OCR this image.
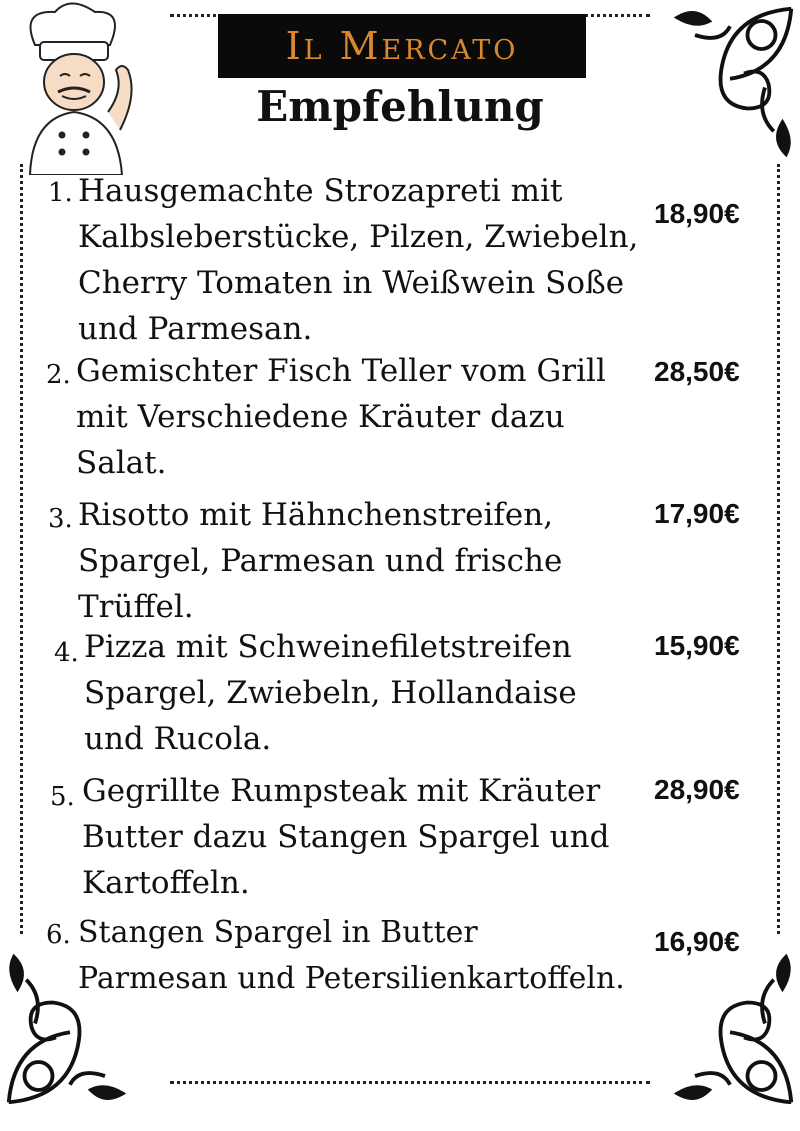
Il Mercato
Empfehlung
1. Hausgemachte Strozapreti mit
Kalbsleberstücke, Pilzen, Zwiebeln,
Cherry Tomaten in Weißwein Soße
und Parmesan.
18,90€
2. Gemischter Fisch Teller vom Grill
mit Verschiedene Kräuter dazu
Salat.
28,50€
3. Risotto mit Hähnchenstreifen,
Spargel, Parmesan und frische
Trüffel.
17,90€
4. Pizza mit Schweinefiletstreifen
Spargel, Zwiebeln, Hollandaise
und Rucola.
15,90€
5. Gegrillte Rumpsteak mit Kräuter
Butter dazu Stangen Spargel und
Kartoffeln.
28,90€
6. Stangen Spargel in Butter
Parmesan und Petersilienkartoffeln.
16,90€
